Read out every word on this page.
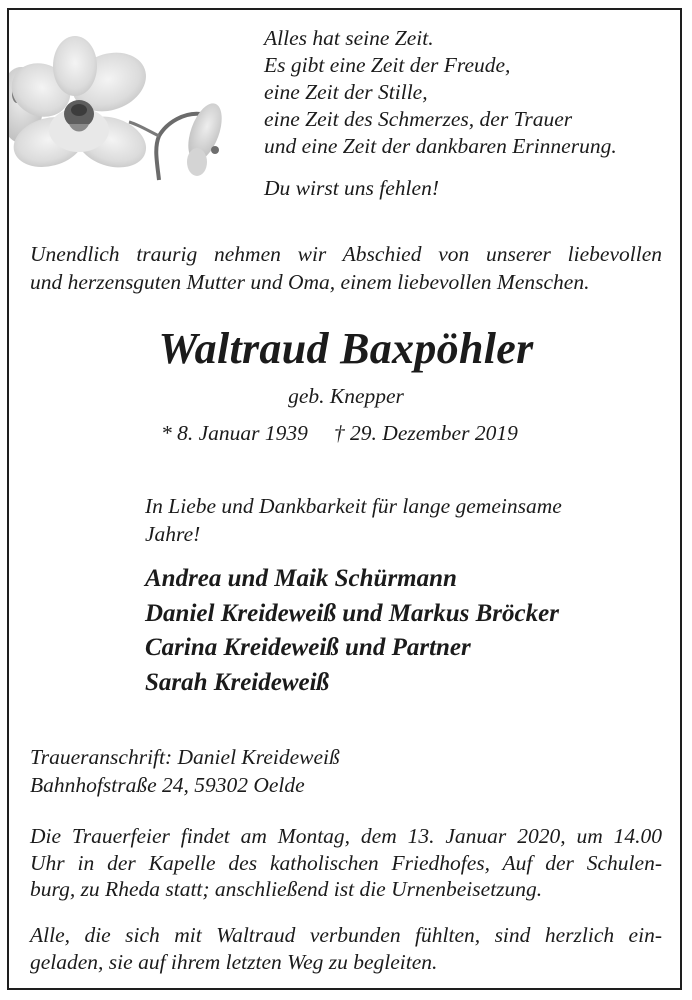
Alles hat seine Zeit.
Es gibt eine Zeit der Freude,
eine Zeit der Stille,
eine Zeit des Schmerzes, der Trauer
und eine Zeit der dankbaren Erinnerung.
Du wirst uns fehlen!
Unendlich traurig nehmen wir Abschied von unserer liebevollen
und herzensguten Mutter und Oma, einem liebevollen Menschen.
Waltraud Baxpöhler
geb. Knepper
* 8. Januar 1939 † 29. Dezember 2019
In Liebe und Dankbarkeit für lange gemeinsame
Jahre!
Andrea und Maik Schürmann
Daniel Kreideweiß und Markus Bröcker
Carina Kreideweiß und Partner
Sarah Kreideweiß
Traueranschrift: Daniel Kreideweiß
Bahnhofstraße 24, 59302 Oelde
Die Trauerfeier findet am Montag, dem 13. Januar 2020, um 14.00
Uhr in der Kapelle des katholischen Friedhofes, Auf der Schulen-
burg, zu Rheda statt; anschließend ist die Urnenbeisetzung.
Alle, die sich mit Waltraud verbunden fühlten, sind herzlich ein-
geladen, sie auf ihrem letzten Weg zu begleiten.
